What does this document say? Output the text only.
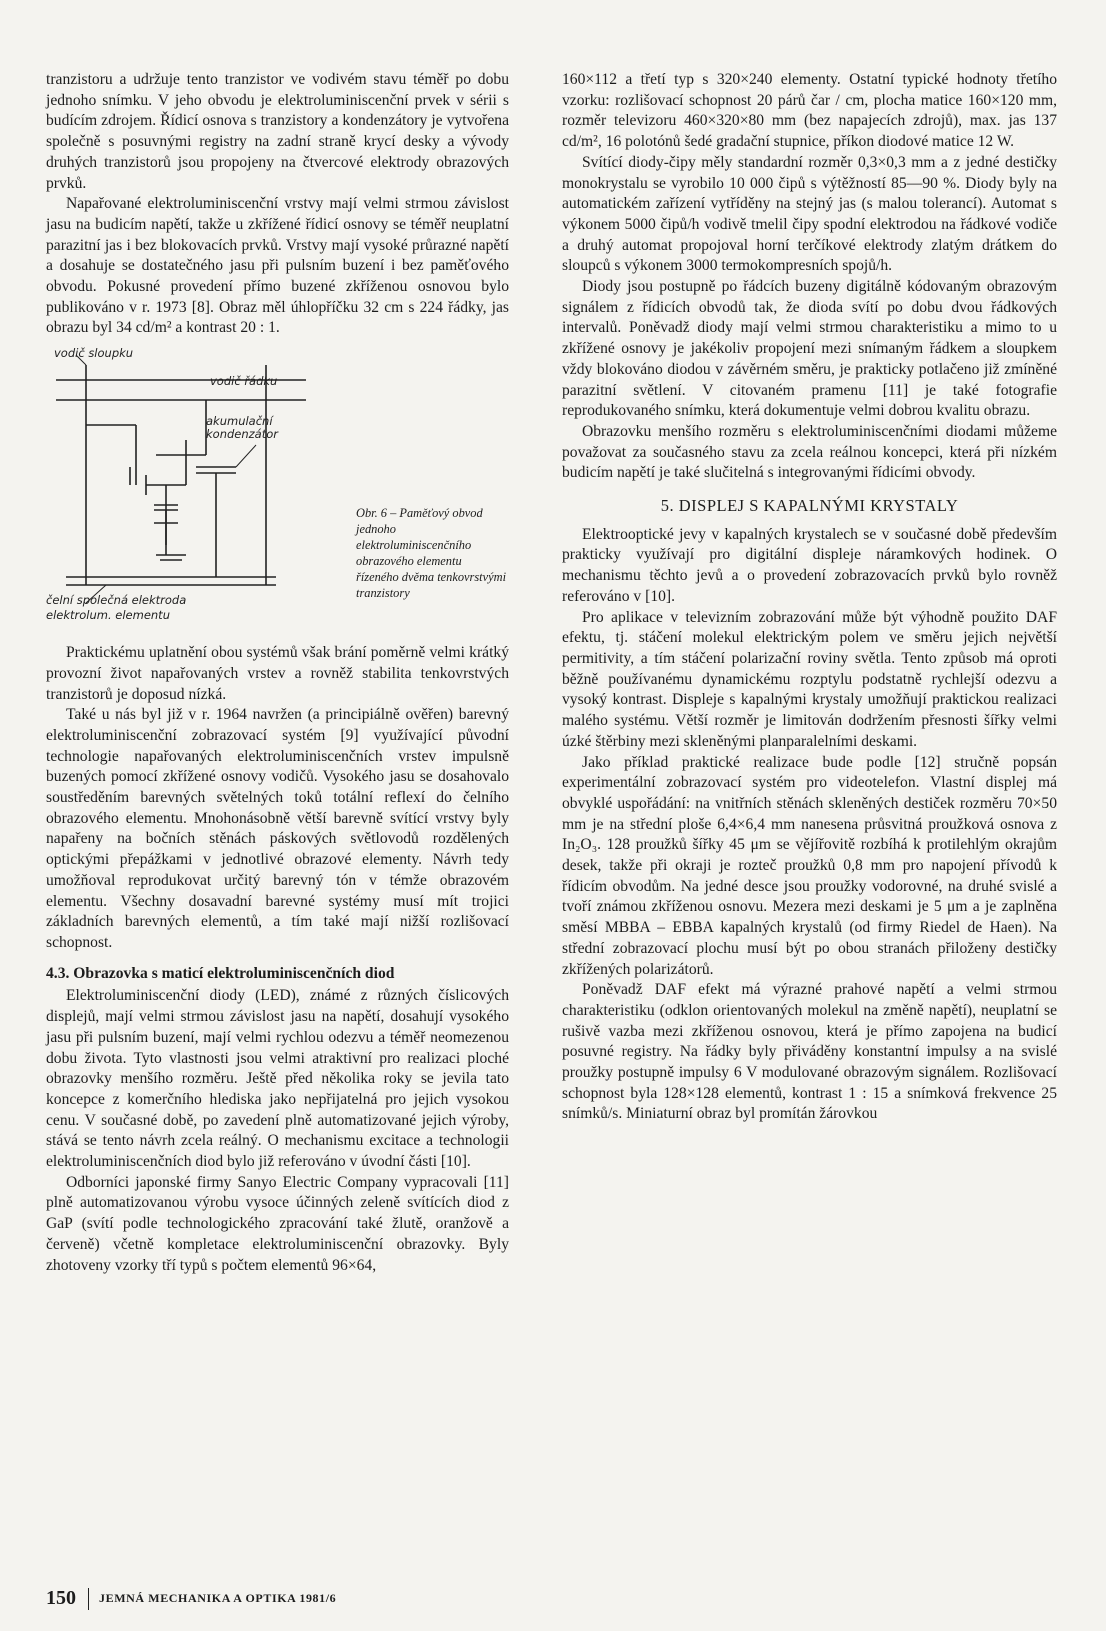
tranzistoru a udržuje tento tranzistor ve vodivém stavu téměř po dobu jednoho snímku. V jeho obvodu je elektroluminiscenční prvek v sérii s budícím zdrojem. Řídicí osnova s tranzistory a kondenzátory je vytvořena společně s posuvnými registry na zadní straně krycí desky a vývody druhých tranzistorů jsou propojeny na čtvercové elektrody obrazových prvků.

Napařované elektroluminiscenční vrstvy mají velmi strmou závislost jasu na budicím napětí, takže u zkřížené řídicí osnovy se téměř neuplatní parazitní jas i bez blokovacích prvků. Vrstvy mají vysoké průrazné napětí a dosahuje se dostatečného jasu při pulsním buzení i bez paměťového obvodu. Pokusné provedení přímo buzené zkříženou osnovou bylo publikováno v r. 1973 [8]. Obraz měl úhlopříčku 32 cm s 224 řádky, jas obrazu byl 34 cd/m² a kontrast 20 : 1.

vodič sloupku
vodič řádku
akumulační
kondenzátor
čelní společná elektroda
elektrolum. elementu
Obr. 6 – Paměťový obvod jednoho elektroluminiscenčního obrazového elementu řízeného dvěma tenkovrstvými tranzistory

Praktickému uplatnění obou systémů však brání poměrně velmi krátký provozní život napařovaných vrstev a rovněž stabilita tenkovrstvých tranzistorů je doposud nízká.

Také u nás byl již v r. 1964 navržen (a principiálně ověřen) barevný elektroluminiscenční zobrazovací systém [9] využívající původní technologie napařovaných elektroluminiscenčních vrstev impulsně buzených pomocí zkřížené osnovy vodičů. Vysokého jasu se dosahovalo soustředěním barevných světelných toků totální reflexí do čelního obrazového elementu. Mnohonásobně větší barevně svítící vrstvy byly napařeny na bočních stěnách páskových světlovodů rozdělených optickými přepážkami v jednotlivé obrazové elementy. Návrh tedy umožňoval reprodukovat určitý barevný tón v témže obrazovém elementu. Všechny dosavadní barevné systémy musí mít trojici základních barevných elementů, a tím také mají nižší rozlišovací schopnost.

4.3. Obrazovka s maticí elektroluminiscenčních diod

Elektroluminiscenční diody (LED), známé z různých číslicových displejů, mají velmi strmou závislost jasu na napětí, dosahují vysokého jasu při pulsním buzení, mají velmi rychlou odezvu a téměř neomezenou dobu života. Tyto vlastnosti jsou velmi atraktivní pro realizaci ploché obrazovky menšího rozměru. Ještě před několika roky se jevila tato koncepce z komerčního hlediska jako nepřijatelná pro jejich vysokou cenu. V současné době, po zavedení plně automatizované jejich výroby, stává se tento návrh zcela reálný. O mechanismu excitace a technologii elektroluminiscenčních diod bylo již referováno v úvodní části [10].

Odborníci japonské firmy Sanyo Electric Company vypracovali [11] plně automatizovanou výrobu vysoce účinných zeleně svítících diod z GaP (svítí podle technologického zpracování také žlutě, oranžově a červeně) včetně kompletace elektroluminiscenční obrazovky. Byly zhotoveny vzorky tří typů s počtem elementů 96×64,

160×112 a třetí typ s 320×240 elementy. Ostatní typické hodnoty třetího vzorku: rozlišovací schopnost 20 párů čar / cm, plocha matice 160×120 mm, rozměr televizoru 460×320×80 mm (bez napajecích zdrojů), max. jas 137 cd/m², 16 polotónů šedé gradační stupnice, příkon diodové matice 12 W.

Svítící diody-čipy měly standardní rozměr 0,3×0,3 mm a z jedné destičky monokrystalu se vyrobilo 10 000 čipů s výtěžností 85—90 %. Diody byly na automatickém zařízení vytříděny na stejný jas (s malou tolerancí). Automat s výkonem 5000 čipů/h vodivě tmelil čipy spodní elektrodou na řádkové vodiče a druhý automat propojoval horní terčíkové elektrody zlatým drátkem do sloupců s výkonem 3000 termokompresních spojů/h.

Diody jsou postupně po řádcích buzeny digitálně kódovaným obrazovým signálem z řídicích obvodů tak, že dioda svítí po dobu dvou řádkových intervalů. Poněvadž diody mají velmi strmou charakteristiku a mimo to u zkřížené osnovy je jakékoliv propojení mezi snímaným řádkem a sloupkem vždy blokováno diodou v závěrném směru, je prakticky potlačeno již zmíněné parazitní světlení. V citovaném pramenu [11] je také fotografie reprodukovaného snímku, která dokumentuje velmi dobrou kvalitu obrazu.

Obrazovku menšího rozměru s elektroluminiscenčními diodami můžeme považovat za současného stavu za zcela reálnou koncepci, která při nízkém budicím napětí je také slučitelná s integrovanými řídicími obvody.

5. DISPLEJ S KAPALNÝMI KRYSTALY

Elektrooptické jevy v kapalných krystalech se v současné době především prakticky využívají pro digitální displeje náramkových hodinek. O mechanismu těchto jevů a o provedení zobrazovacích prvků bylo rovněž referováno v [10].

Pro aplikace v televizním zobrazování může být výhodně použito DAF efektu, tj. stáčení molekul elektrickým polem ve směru jejich největší permitivity, a tím stáčení polarizační roviny světla. Tento způsob má oproti běžně používanému dynamickému rozptylu podstatně rychlejší odezvu a vysoký kontrast. Displeje s kapalnými krystaly umožňují praktickou realizaci malého systému. Větší rozměr je limitován dodržením přesnosti šířky velmi úzké štěrbiny mezi skleněnými planparalelními deskami.

Jako příklad praktické realizace bude podle [12] stručně popsán experimentální zobrazovací systém pro videotelefon. Vlastní displej má obvyklé uspořádání: na vnitřních stěnách skleněných destiček rozměru 70×50 mm je na střední ploše 6,4×6,4 mm nanesena průsvitná proužková osnova z In₂O₃. 128 proužků šířky 45 μm se vějířovitě rozbíhá k protilehlým okrajům desek, takže při okraji je rozteč proužků 0,8 mm pro napojení přívodů k řídicím obvodům. Na jedné desce jsou proužky vodorovné, na druhé svislé a tvoří známou zkříženou osnovu. Mezera mezi deskami je 5 μm a je zaplněna směsí MBBA – EBBA kapalných krystalů (od firmy Riedel de Haen). Na střední zobrazovací plochu musí být po obou stranách přiloženy destičky zkřížených polarizátorů.

Poněvadž DAF efekt má výrazné prahové napětí a velmi strmou charakteristiku (odklon orientovaných molekul na změně napětí), neuplatní se rušivě vazba mezi zkříženou osnovou, která je přímo zapojena na budicí posuvné registry. Na řádky byly přiváděny konstantní impulsy a na svislé proužky postupně impulsy 6 V modulované obrazovým signálem. Rozlišovací schopnost byla 128×128 elementů, kontrast 1 : 15 a snímková frekvence 25 snímků/s. Miniaturní obraz byl promítán žárovkou

150 JEMNÁ MECHANIKA A OPTIKA 1981/6
